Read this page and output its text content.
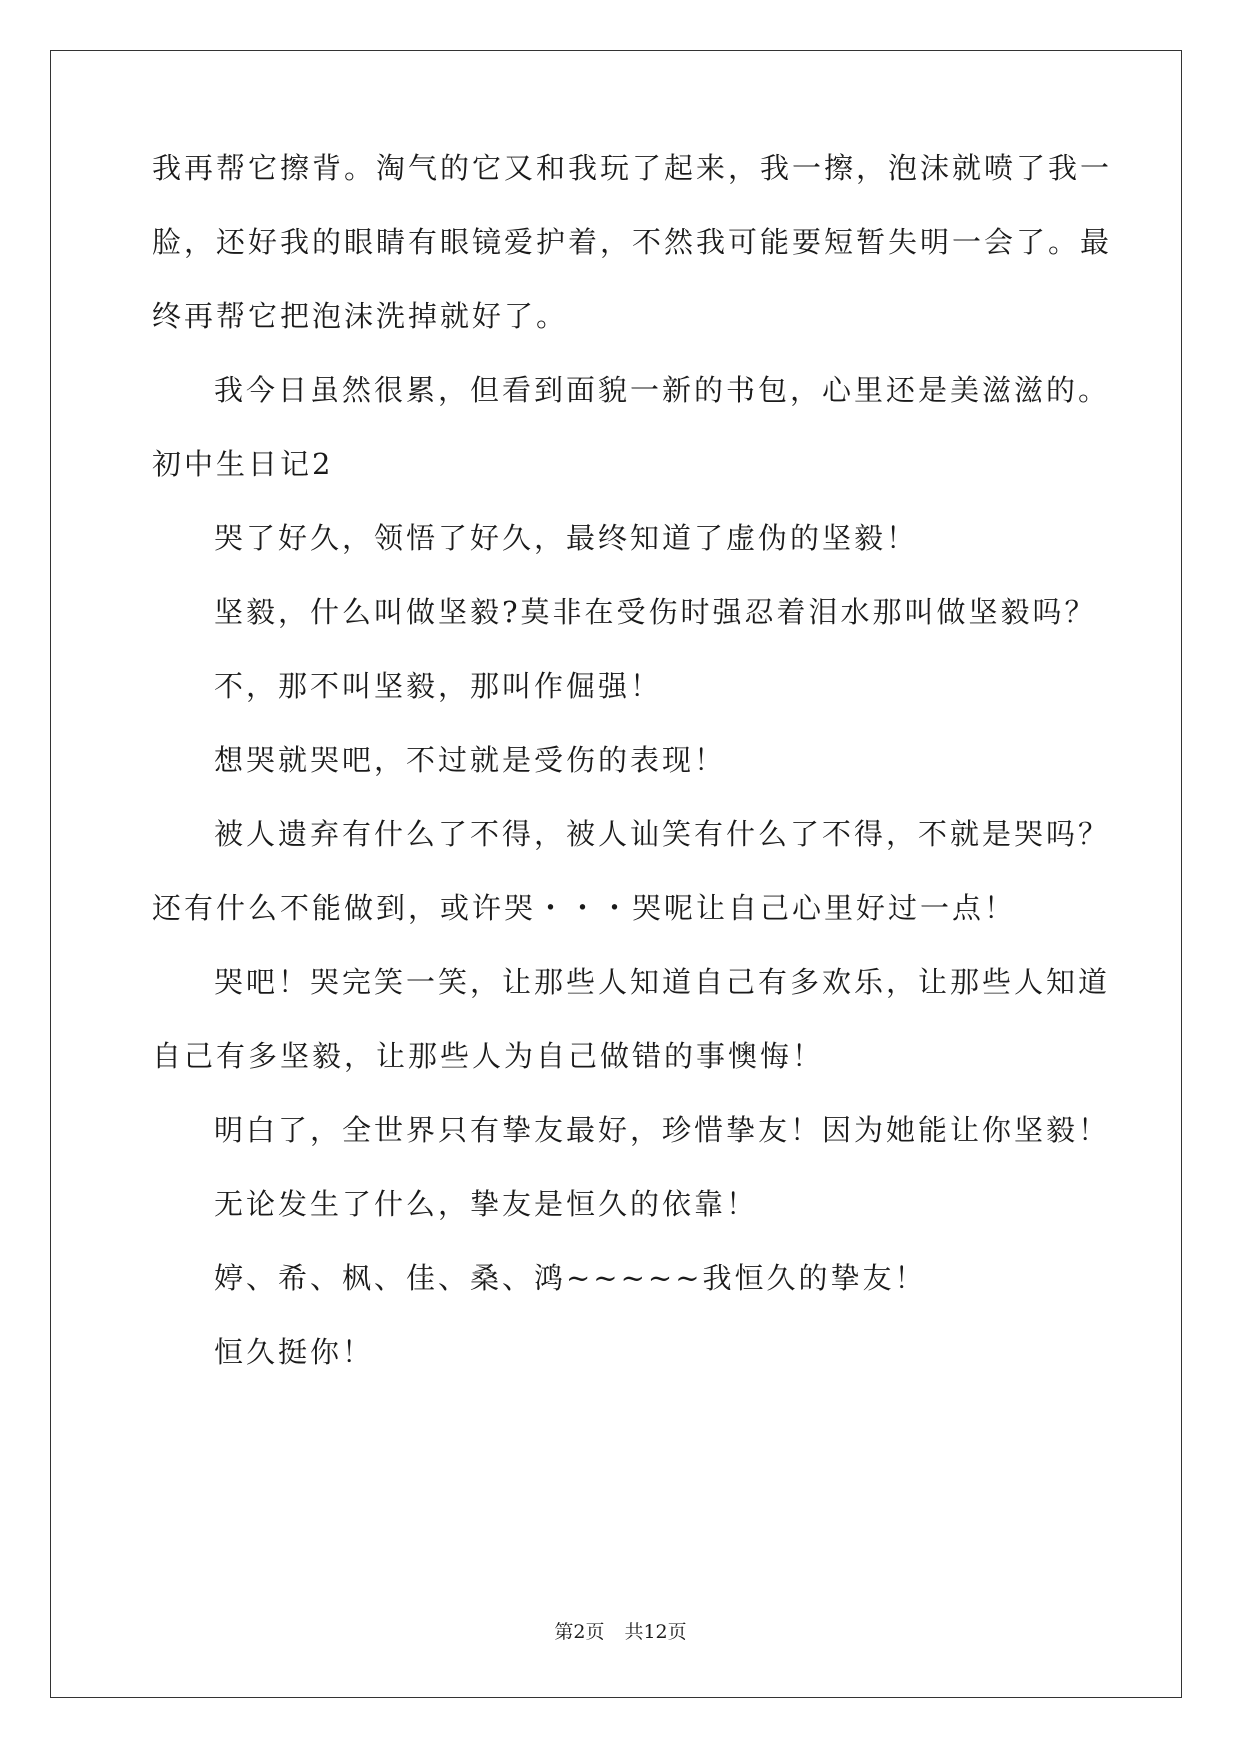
我再帮它擦背。淘气的它又和我玩了起来，我一擦，泡沫就喷了我一

脸，还好我的眼睛有眼镜爱护着，不然我可能要短暂失明一会了。最

终再帮它把泡沫洗掉就好了。

我今日虽然很累，但看到面貌一新的书包，心里还是美滋滋的。

初中生日记2

哭了好久，领悟了好久，最终知道了虚伪的坚毅！

坚毅，什么叫做坚毅?莫非在受伤时强忍着泪水那叫做坚毅吗？

不，那不叫坚毅，那叫作倔强！

想哭就哭吧，不过就是受伤的表现！

被人遗弃有什么了不得，被人讪笑有什么了不得，不就是哭吗？

还有什么不能做到，或许哭・・・哭呢让自己心里好过一点！

哭吧！哭完笑一笑，让那些人知道自己有多欢乐，让那些人知道

自己有多坚毅，让那些人为自己做错的事懊悔！

明白了，全世界只有挚友最好，珍惜挚友！因为她能让你坚毅！

无论发生了什么，挚友是恒久的依靠！

婷、希、枫、佳、桑、鸿~~~~~我恒久的挚友！

恒久挺你！

第2页 共12页
